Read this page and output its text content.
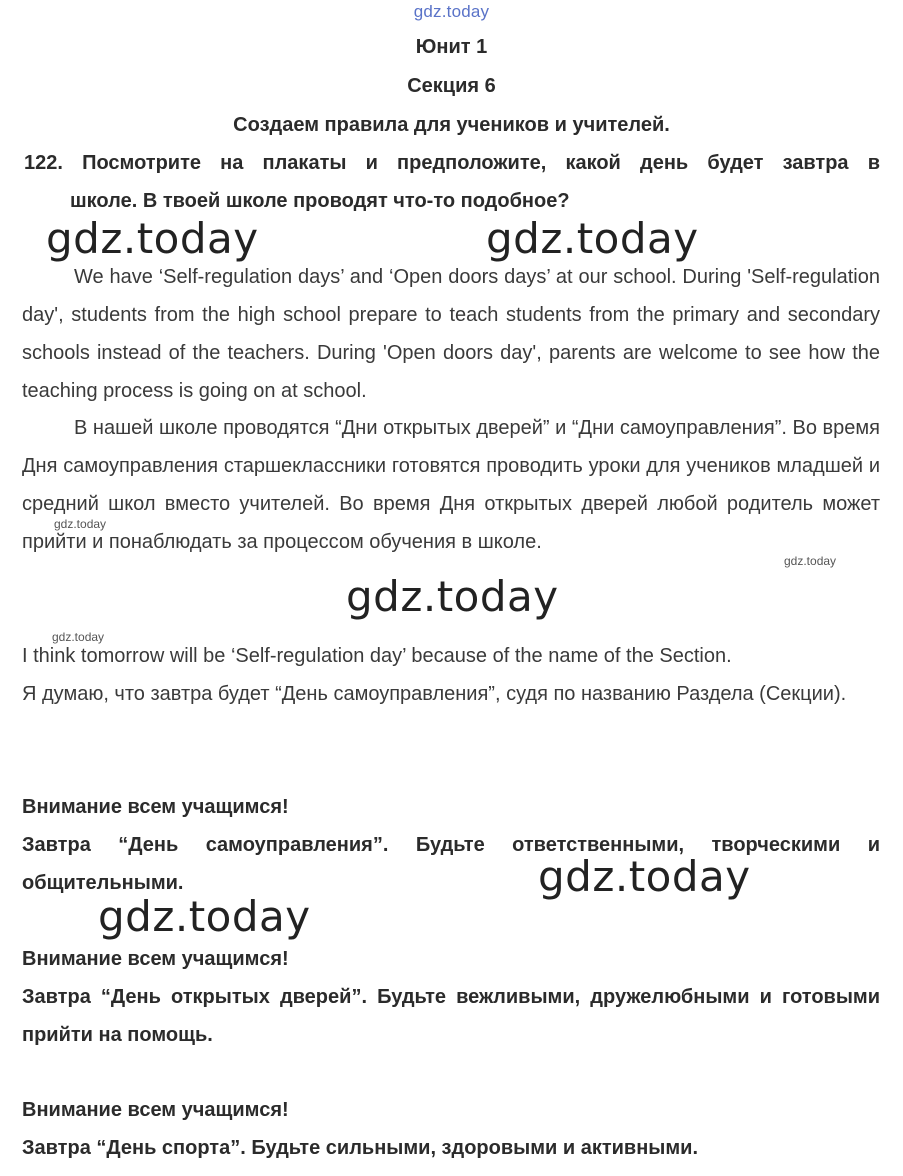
gdz.today
Юнит 1
Секция 6
Создаем правила для учеников и учителей.
122. Посмотрите на плакаты и предположите, какой день будет завтра в
школе. В твоей школе проводят что-то подобное?
gdz.today	gdz.today
We have ‘Self-regulation days’ and ‘Open doors days’ at our school. During 'Self-regulation day', students from the high school prepare to teach students from the primary and secondary schools instead of the teachers. During 'Open doors day', parents are welcome to see how the teaching process is going on at school.
В нашей школе проводятся “Дни открытых дверей” и “Дни самоуправления”. Во время Дня самоуправления старшеклассники готовятся проводить уроки для учеников младшей и средний школ вместо учителей. Во время Дня открытых дверей любой родитель может прийти и понаблюдать за процессом обучения в школе.
gdz.today
gdz.today
gdz.today
gdz.today
I think tomorrow will be ‘Self-regulation day’ because of the name of the Section.
Я думаю, что завтра будет “День самоуправления”, судя по названию Раздела (Секции).
Внимание всем учащимся!
Завтра “День самоуправления”. Будьте ответственными, творческими и общительными.	gdz.today
gdz.today
Внимание всем учащимся!
Завтра “День открытых дверей”. Будьте вежливыми, дружелюбными и готовыми прийти на помощь.
Внимание всем учащимся!
Завтра “День спорта”. Будьте сильными, здоровыми и активными.
